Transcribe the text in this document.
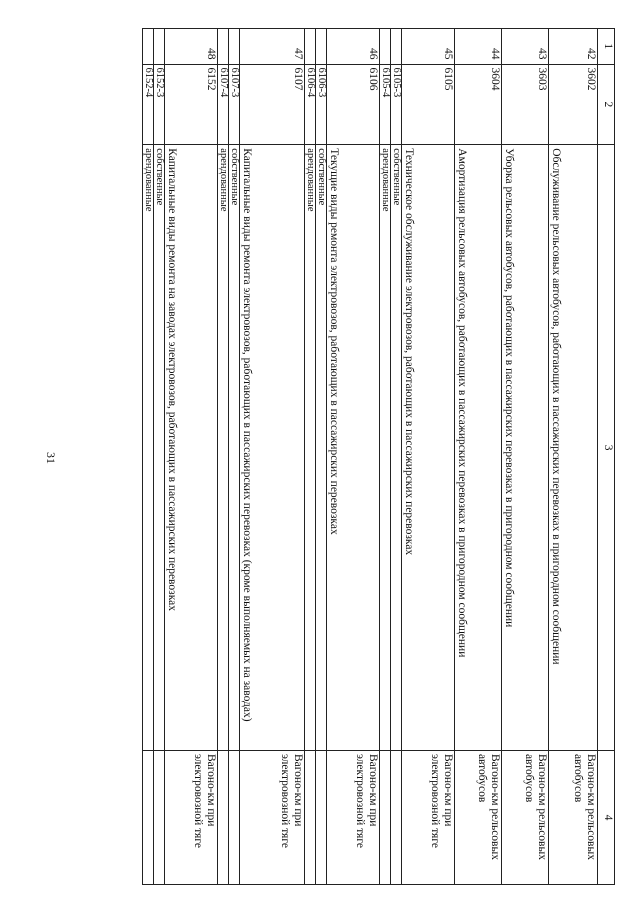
31
1	2	3	4
42	3602	Обслуживание рельсовых автобусов, работающих в пассажирских перевозках в пригородном сообщении	Вагоно-км рельсовых автобусов
43	3603	Уборка рельсовых автобусов, работающих в пассажирских перевозках в пригородном сообщении	Вагоно-км рельсовых автобусов
44	3604	Амортизация рельсовых автобусов, работающих в пассажирских перевозках в пригородном сообщении	Вагоно-км рельсовых автобусов
45	6105	Техническое обслуживание электровозов, работающих в пассажирских перевозках	Вагоно-км при электровозной тяге
	6105-3	собственные	
	6105-4	арендованные	
46	6106	Текущие виды ремонта электровозов, работающих в пассажирских перевозках	Вагоно-км при электровозной тяге
	6106-3	собственные	
	6106-4	арендованные	
47	6107	Капитальные виды ремонта электровозов, работающих в пассажирских перевозках (кроме выполняемых на заводах)	Вагоно-км при электровозной тяге
	6107-3	собственные	
	6107-4	арендованные	
48	6152	Капитальные виды ремонта на заводах электровозов, работающих в пассажирских перевозках	Вагоно-км при электровозной тяге
	6152-3	собственные	
	6152-4	арендованные	
